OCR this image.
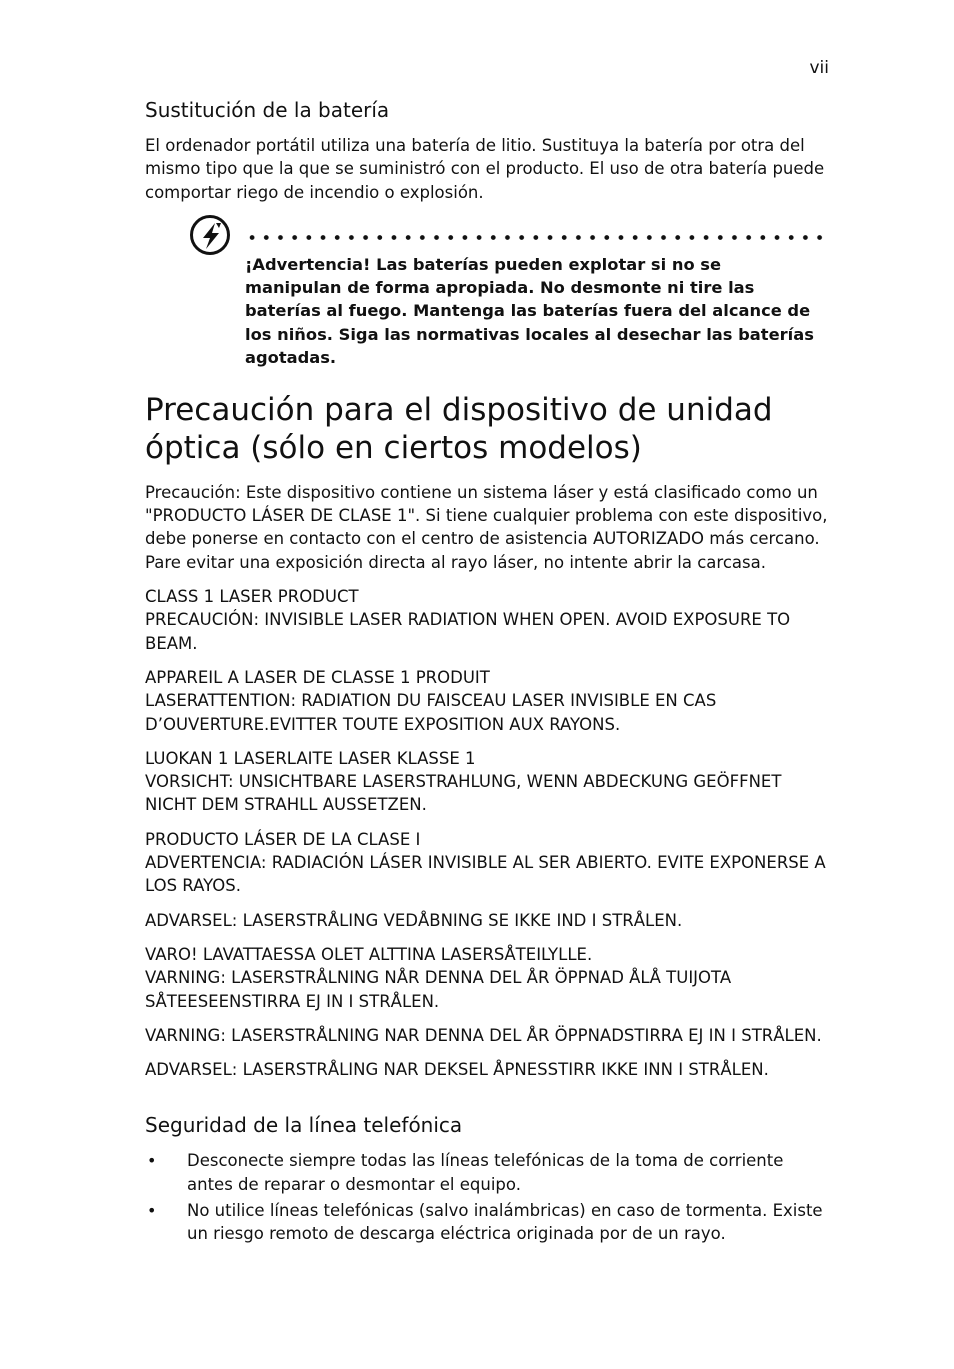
vii
Sustitución de la batería

El ordenador portátil utiliza una batería de litio. Sustituya la batería por otra del mismo tipo que la que se suministró con el producto. El uso de otra batería puede comportar riego de incendio o explosión.

¡Advertencia! Las baterías pueden explotar si no se manipulan de forma apropiada. No desmonte ni tire las baterías al fuego. Mantenga las baterías fuera del alcance de los niños. Siga las normativas locales al desechar las baterías agotadas.
Precaución para el dispositivo de unidad
óptica (sólo en ciertos modelos)

Precaución: Este dispositivo contiene un sistema láser y está clasificado como un "PRODUCTO LÁSER DE CLASE 1". Si tiene cualquier problema con este dispositivo, debe ponerse en contacto con el centro de asistencia AUTORIZADO más cercano. Pare evitar una exposición directa al rayo láser, no intente abrir la carcasa.

CLASS 1 LASER PRODUCT
PRECAUCIÓN: INVISIBLE LASER RADIATION WHEN OPEN. AVOID EXPOSURE TO BEAM.

APPAREIL A LASER DE CLASSE 1 PRODUIT
LASERATTENTION: RADIATION DU FAISCEAU LASER INVISIBLE EN CAS D’OUVERTURE.EVITTER TOUTE EXPOSITION AUX RAYONS.

LUOKAN 1 LASERLAITE LASER KLASSE 1
VORSICHT: UNSICHTBARE LASERSTRAHLUNG, WENN ABDECKUNG GEÖFFNET NICHT DEM STRAHLL AUSSETZEN.

PRODUCTO LÁSER DE LA CLASE I
ADVERTENCIA: RADIACIÓN LÁSER INVISIBLE AL SER ABIERTO. EVITE EXPONERSE A LOS RAYOS.

ADVARSEL: LASERSTRÅLING VEDÅBNING SE IKKE IND I STRÅLEN.

VARO! LAVATTAESSA OLET ALTTINA LASERSÅTEILYLLE.
VARNING: LASERSTRÅLNING NÅR DENNA DEL ÅR ÖPPNAD ÅLÅ TUIJOTA SÅTEESEENSTIRRA EJ IN I STRÅLEN.

VARNING: LASERSTRÅLNING NAR DENNA DEL ÅR ÖPPNADSTIRRA EJ IN I STRÅLEN.

ADVARSEL: LASERSTRÅLING NAR DEKSEL ÅPNESSTIRR IKKE INN I STRÅLEN.

Seguridad de la línea telefónica
• Desconecte siempre todas las líneas telefónicas de la toma de corriente antes de reparar o desmontar el equipo.
• No utilice líneas telefónicas (salvo inalámbricas) en caso de tormenta. Existe un riesgo remoto de descarga eléctrica originada por de un rayo.
